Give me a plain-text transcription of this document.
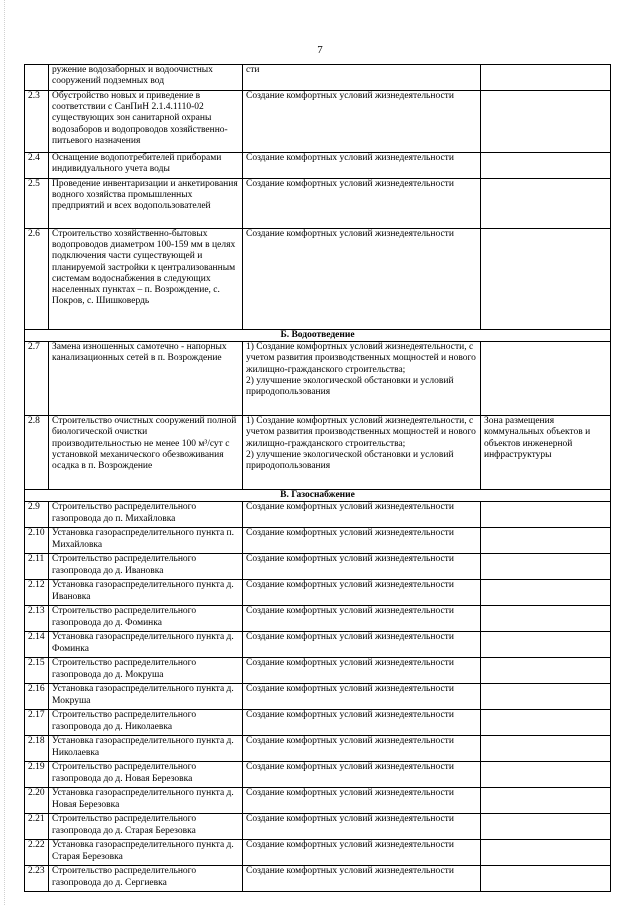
7
	ружение водозаборных и водоочистных сооружений подземных вод	сти	
2.3	Обустройство новых и приведение в соответствии с СанПиН 2.1.4.1110-02 существующих зон санитарной охраны водозаборов и водопроводов хозяйственно-питьевого назначения	Создание комфортных условий жизнедеятельности	
2.4	Оснащение водопотребителей приборами индивидуального учета воды	Создание комфортных условий жизнедеятельности	
2.5	Проведение инвентаризации и анкетирования водного хозяйства промышленных предприятий и всех водопользователей	Создание комфортных условий жизнедеятельности	
2.6	Строительство хозяйственно-бытовых водопроводов диаметром 100-159 мм в целях подключения части существующей и планируемой застройки к централизованным системам водоснабжения в следующих населенных пунктах – п. Возрождение, с. Покров, с. Шишковердь	Создание комфортных условий жизнедеятельности	
Б. Водоотведение			
2.7	Замена изношенных самотечно - напорных канализационных сетей в п. Возрождение	1) Создание комфортных условий жизнедеятельности, с учетом развития производственных мощностей и нового жилищно-гражданского строительства;
2) улучшение экологической обстановки и условий природопользования	
2.8	Строительство очистных сооружений полной биологической очистки производительностью не менее 100 м³/сут с установкой механического обезвоживания осадка в п. Возрождение	1) Создание комфортных условий жизнедеятельности, с учетом развития производственных мощностей и нового жилищно-гражданского строительства;
2) улучшение экологической обстановки и условий природопользования	Зона размещения коммунальных объектов и объектов инженерной инфраструктуры
В. Газоснабжение			
2.9	Строительство распределительного газопровода до п. Михайловка	Создание комфортных условий жизнедеятельности	
2.10	Установка газораспределительного пункта п. Михайловка	Создание комфортных условий жизнедеятельности	
2.11	Строительство распределительного газопровода до д. Ивановка	Создание комфортных условий жизнедеятельности	
2.12	Установка газораспределительного пункта д. Ивановка	Создание комфортных условий жизнедеятельности	
2.13	Строительство распределительного газопровода до д. Фоминка	Создание комфортных условий жизнедеятельности	
2.14	Установка газораспределительного пункта д. Фоминка	Создание комфортных условий жизнедеятельности	
2.15	Строительство распределительного газопровода до д. Мокруша	Создание комфортных условий жизнедеятельности	
2.16	Установка газораспределительного пункта д. Мокруша	Создание комфортных условий жизнедеятельности	
2.17	Строительство распределительного газопровода до д. Николаевка	Создание комфортных условий жизнедеятельности	
2.18	Установка газораспределительного пункта д. Николаевка	Создание комфортных условий жизнедеятельности	
2.19	Строительство распределительного газопровода до д. Новая Березовка	Создание комфортных условий жизнедеятельности	
2.20	Установка газораспределительного пункта д. Новая Березовка	Создание комфортных условий жизнедеятельности	
2.21	Строительство распределительного газопровода до д. Старая Березовка	Создание комфортных условий жизнедеятельности	
2.22	Установка газораспределительного пункта д. Старая Березовка	Создание комфортных условий жизнедеятельности	
2.23	Строительство распределительного газопровода до д. Сергиевка	Создание комфортных условий жизнедеятельности	
